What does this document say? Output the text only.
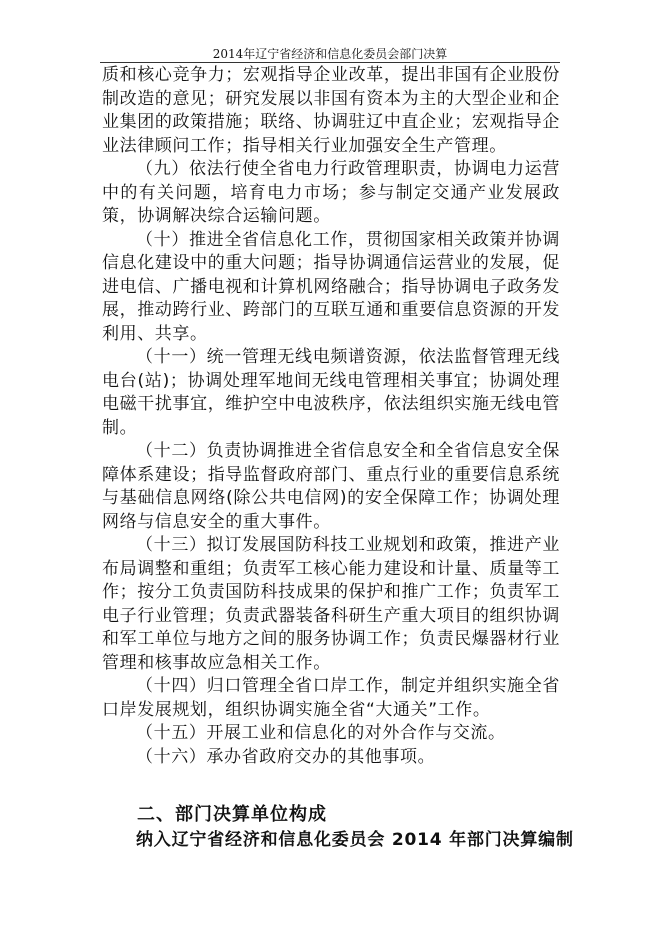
2014年辽宁省经济和信息化委员会部门决算

质和核心竞争力；宏观指导企业改革，提出非国有企业股份制改造的意见；研究发展以非国有资本为主的大型企业和企业集团的政策措施；联络、协调驻辽中直企业；宏观指导企业法律顾问工作；指导相关行业加强安全生产管理。

（九）依法行使全省电力行政管理职责，协调电力运营中的有关问题，培育电力市场；参与制定交通产业发展政策，协调解决综合运输问题。

（十）推进全省信息化工作，贯彻国家相关政策并协调信息化建设中的重大问题；指导协调通信运营业的发展，促进电信、广播电视和计算机网络融合；指导协调电子政务发展，推动跨行业、跨部门的互联互通和重要信息资源的开发利用、共享。

（十一）统一管理无线电频谱资源，依法监督管理无线电台(站)；协调处理军地间无线电管理相关事宜；协调处理电磁干扰事宜，维护空中电波秩序，依法组织实施无线电管制。

（十二）负责协调推进全省信息安全和全省信息安全保障体系建设；指导监督政府部门、重点行业的重要信息系统与基础信息网络(除公共电信网)的安全保障工作；协调处理网络与信息安全的重大事件。

（十三）拟订发展国防科技工业规划和政策，推进产业布局调整和重组；负责军工核心能力建设和计量、质量等工作；按分工负责国防科技成果的保护和推广工作；负责军工电子行业管理；负责武器装备科研生产重大项目的组织协调和军工单位与地方之间的服务协调工作；负责民爆器材行业管理和核事故应急相关工作。

（十四）归口管理全省口岸工作，制定并组织实施全省口岸发展规划，组织协调实施全省“大通关”工作。

（十五）开展工业和信息化的对外合作与交流。

（十六）承办省政府交办的其他事项。

二、部门决算单位构成
纳入辽宁省经济和信息化委员会 2014 年部门决算编制
